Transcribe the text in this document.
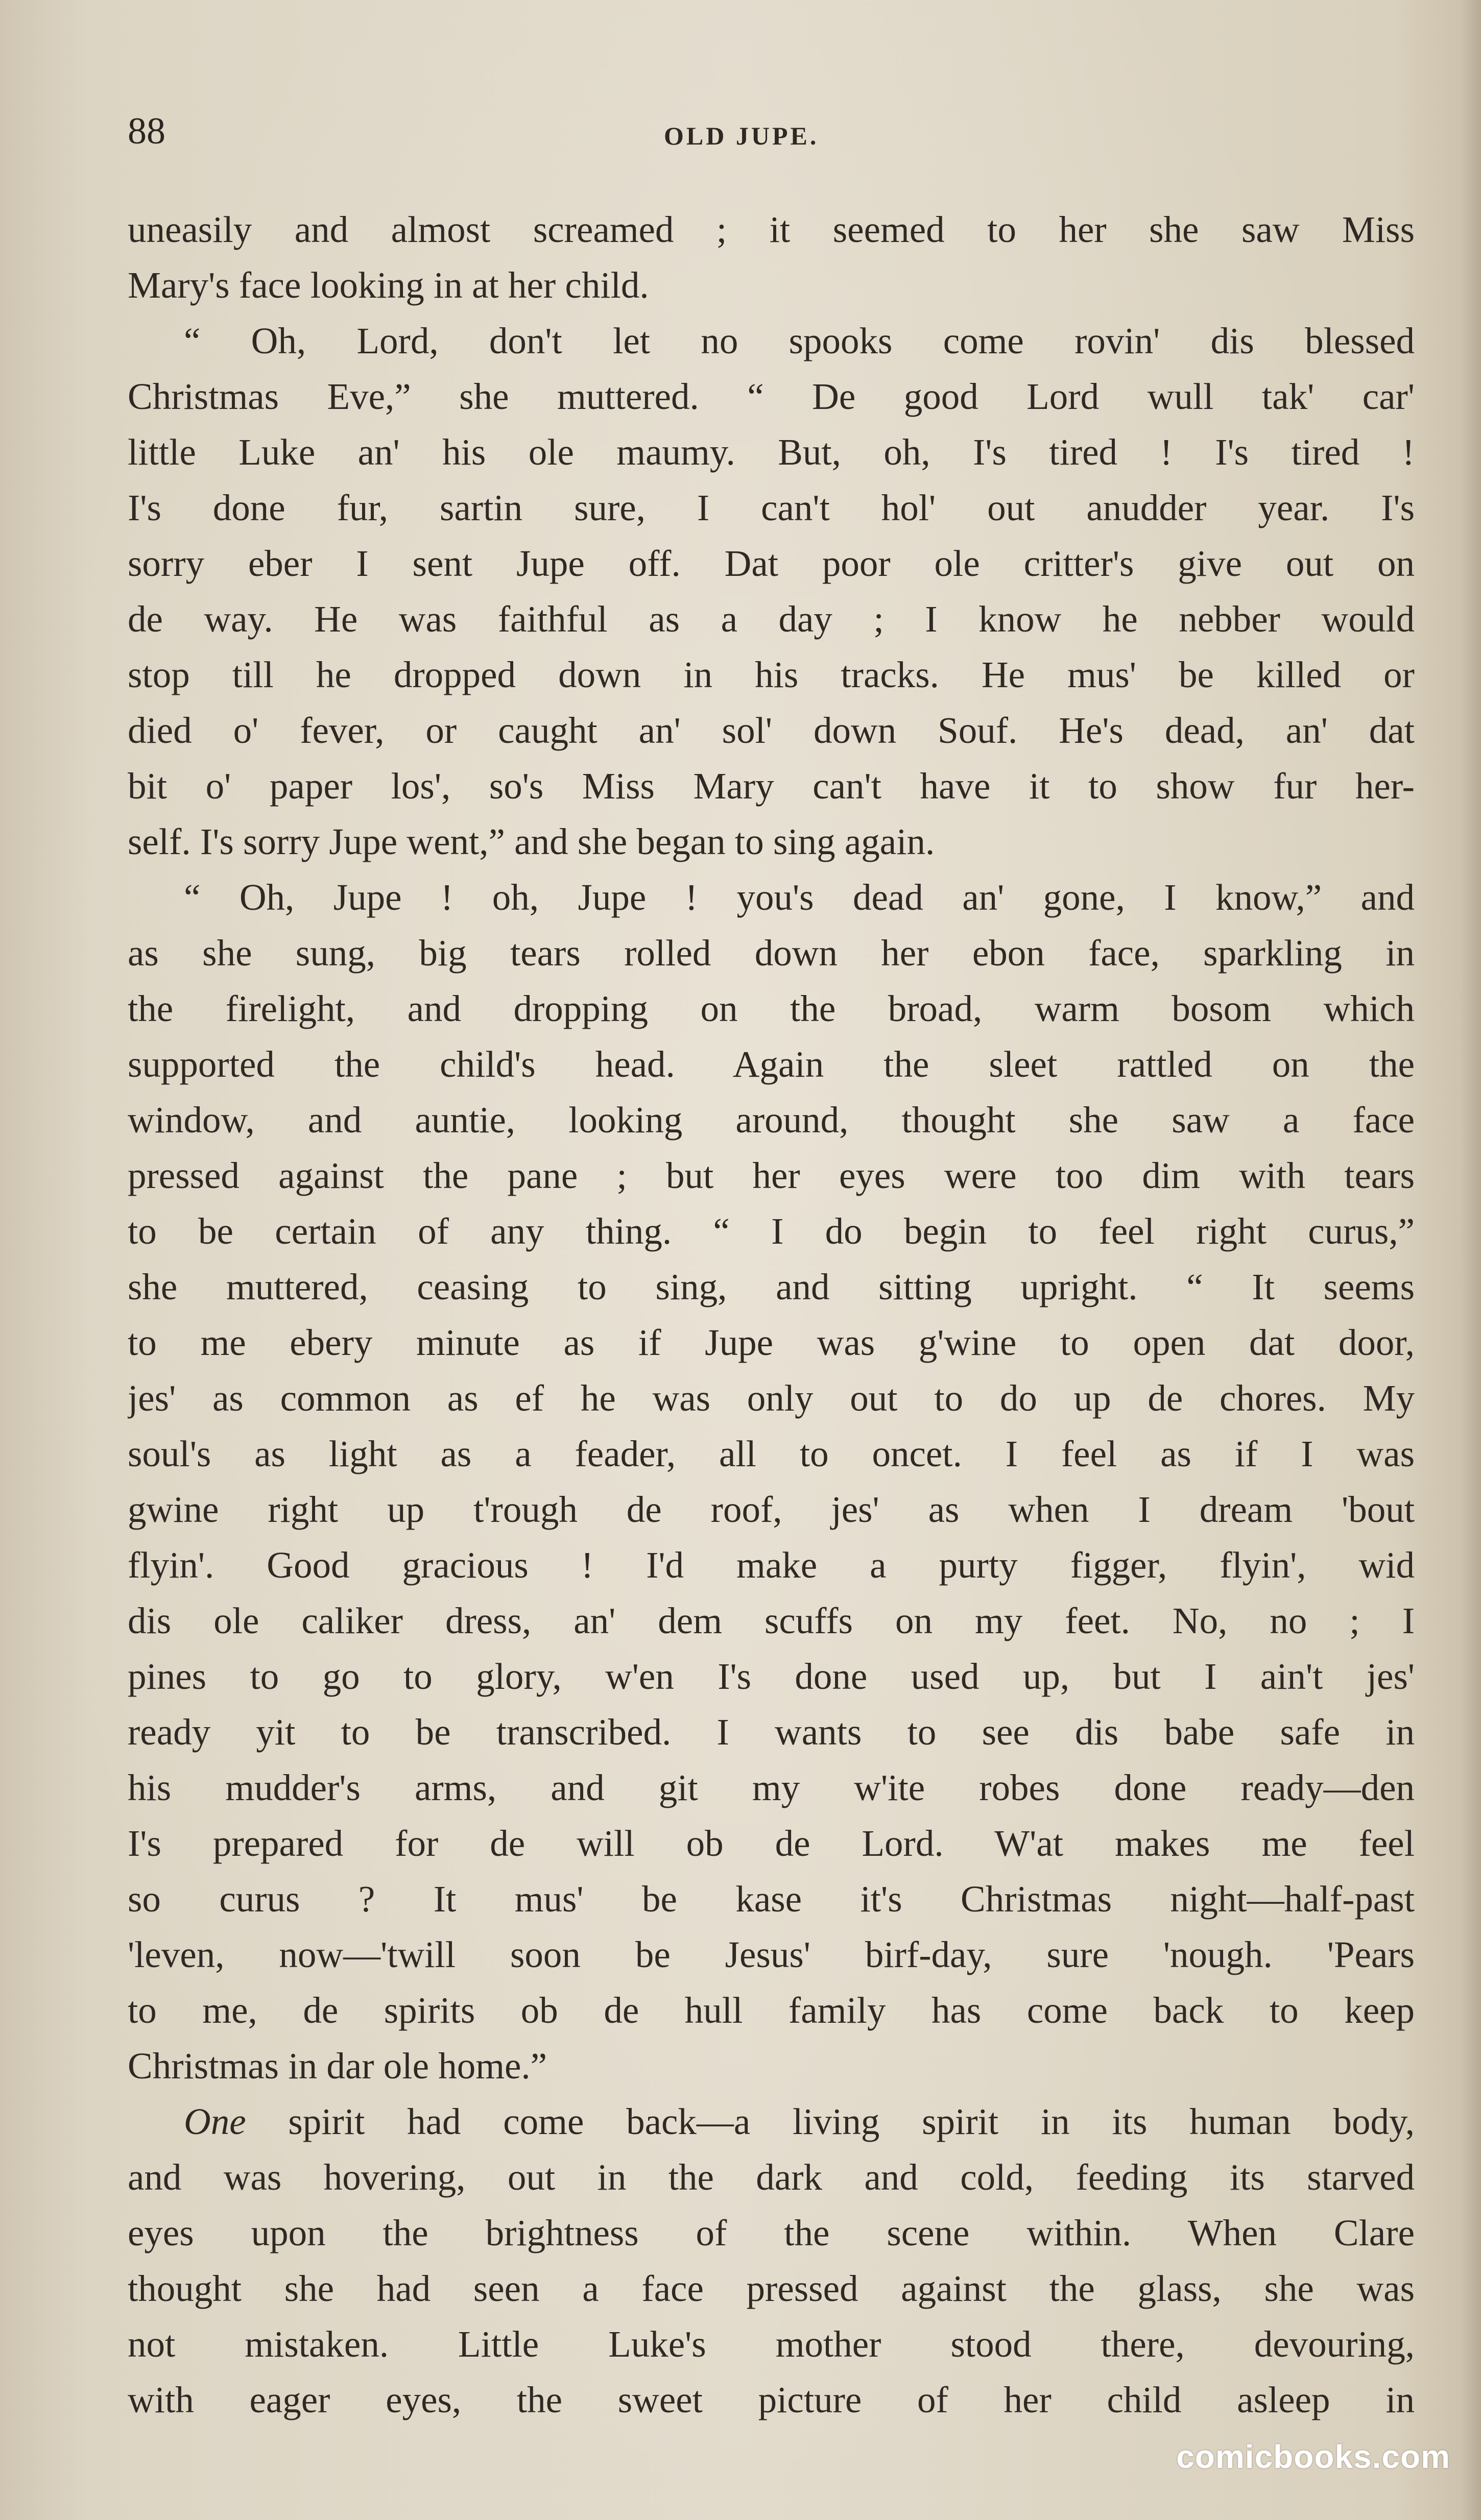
88	OLD JUPE.
uneasily and almost screamed ; it seemed to her she saw Miss
Mary's face looking in at her child.
“ Oh, Lord, don't let no spooks come rovin' dis blessed
Christmas Eve,” she muttered. “ De good Lord wull tak' car'
little Luke an' his ole maumy. But, oh, I's tired ! I's tired !
I's done fur, sartin sure, I can't hol' out anudder year. I's
sorry eber I sent Jupe off. Dat poor ole critter's give out on
de way. He was faithful as a day ; I know he nebber would
stop till he dropped down in his tracks. He mus' be killed or
died o' fever, or caught an' sol' down Souf. He's dead, an' dat
bit o' paper los', so's Miss Mary can't have it to show fur her-
self. I's sorry Jupe went,” and she began to sing again.
“ Oh, Jupe ! oh, Jupe ! you's dead an' gone, I know,” and
as she sung, big tears rolled down her ebon face, sparkling in
the firelight, and dropping on the broad, warm bosom which
supported the child's head. Again the sleet rattled on the
window, and auntie, looking around, thought she saw a face
pressed against the pane ; but her eyes were too dim with tears
to be certain of any thing. “ I do begin to feel right curus,”
she muttered, ceasing to sing, and sitting upright. “ It seems
to me ebery minute as if Jupe was g'wine to open dat door,
jes' as common as ef he was only out to do up de chores. My
soul's as light as a feader, all to oncet. I feel as if I was
gwine right up t'rough de roof, jes' as when I dream 'bout
flyin'. Good gracious ! I'd make a purty figger, flyin', wid
dis ole caliker dress, an' dem scuffs on my feet. No, no ; I
pines to go to glory, w'en I's done used up, but I ain't jes'
ready yit to be transcribed. I wants to see dis babe safe in
his mudder's arms, and git my w'ite robes done ready—den
I's prepared for de will ob de Lord. W'at makes me feel
so curus ? It mus' be kase it's Christmas night—half-past
'leven, now—'twill soon be Jesus' birf-day, sure 'nough. 'Pears
to me, de spirits ob de hull family has come back to keep
Christmas in dar ole home.”
One spirit had come back—a living spirit in its human body,
and was hovering, out in the dark and cold, feeding its starved
eyes upon the brightness of the scene within. When Clare
thought she had seen a face pressed against the glass, she was
not mistaken. Little Luke's mother stood there, devouring,
with eager eyes, the sweet picture of her child asleep in
comicbooks.com
